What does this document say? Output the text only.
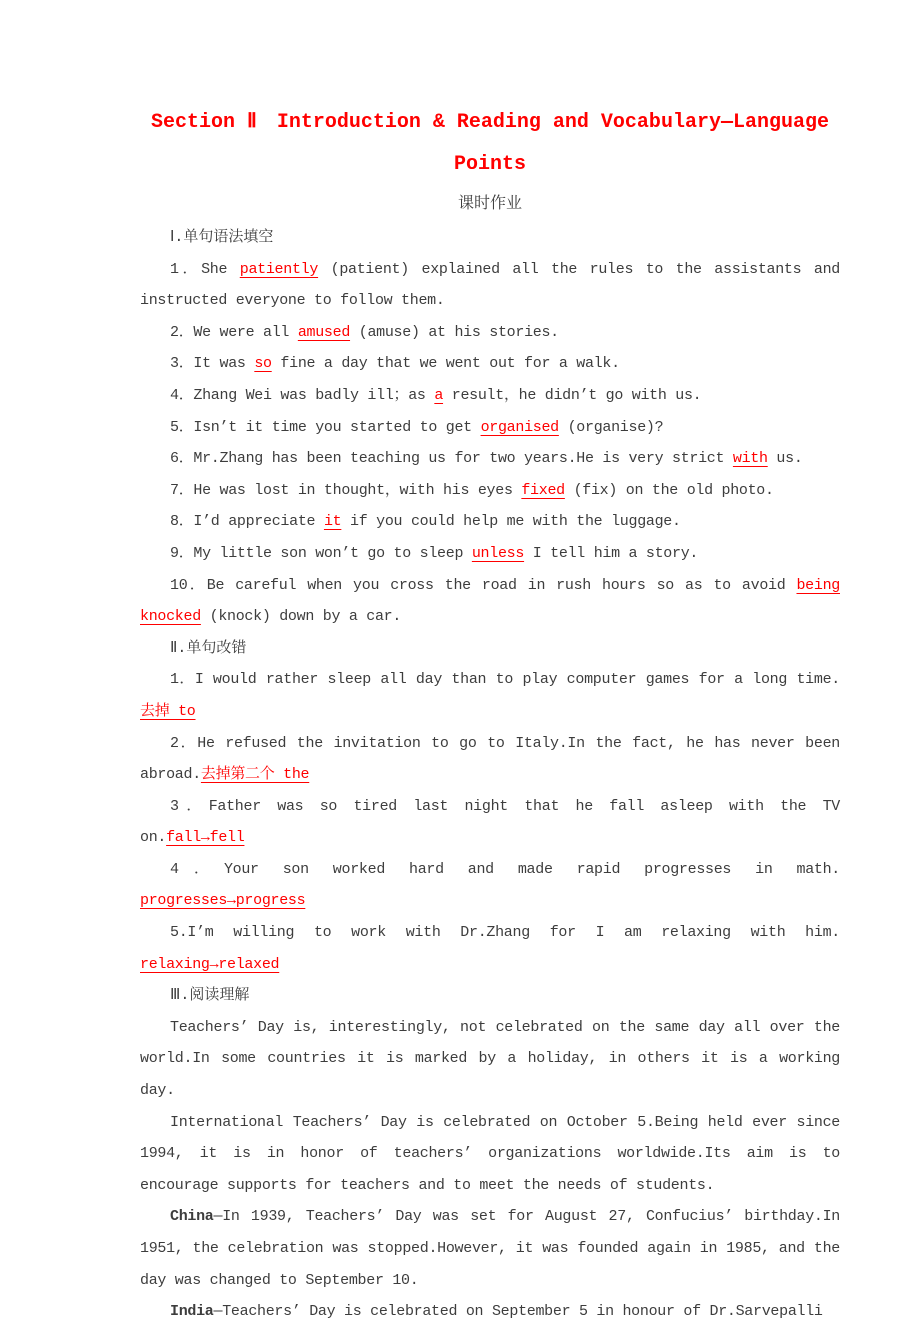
Section Ⅱ　Introduction & Reading and Vocabulary—Language
Points
课时作业
Ⅰ.单句语法填空

1．She patiently (patient) explained all the rules to the assistants and instructed everyone to follow them.

2．We were all amused (amuse) at his stories.

3．It was so fine a day that we went out for a walk.

4．Zhang Wei was badly ill；as a result，he didn’t go with us.

5．Isn’t it time you started to get organised (organise)?

6．Mr.Zhang has been teaching us for two years.He is very strict with us.

7．He was lost in thought，with his eyes fixed (fix) on the old photo.

8．I’d appreciate it if you could help me with the luggage.

9．My little son won’t go to sleep unless I tell him a story.

10．Be careful when you cross the road in rush hours so as to avoid being knocked (knock) down by a car.

Ⅱ.单句改错

1．I would rather sleep all day than to play computer games for a long time.去掉 to

2．He refused the invitation to go to Italy.In the fact, he has never been abroad.去掉第二个 the

3．Father was so tired last night that he fall asleep with the TV on.fall→fell

4．Your son worked hard and made rapid progresses in math. progresses→progress

5.I’m willing to work with Dr.Zhang for I am relaxing with him. relaxing→relaxed

Ⅲ.阅读理解

Teachers’ Day is, interestingly, not celebrated on the same day all over the world.In some countries it is marked by a holiday, in others it is a working day.

International Teachers’ Day is celebrated on October 5.Being held ever since 1994, it is in honor of teachers’ organizations worldwide.Its aim is to encourage supports for teachers and to meet the needs of students.

China—In 1939, Teachers’ Day was set for August 27, Confucius’ birthday.In 1951, the celebration was stopped.However, it was founded again in 1985, and the day was changed to September 10.

India—Teachers’ Day is celebrated on September 5 in honour of Dr.Sarvepalli
